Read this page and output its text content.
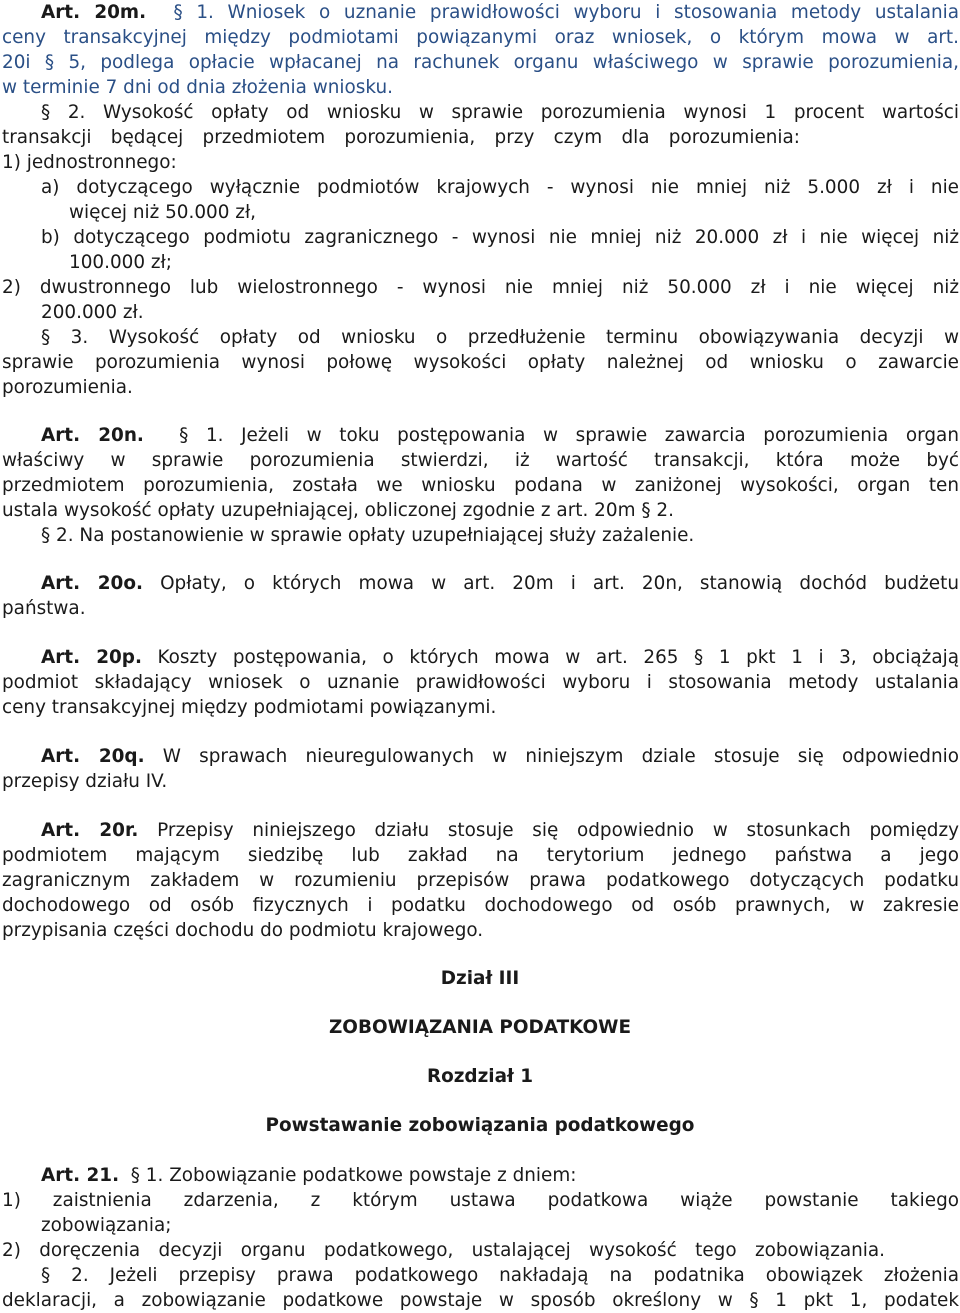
Art. 20m. § 1. Wniosek o uznanie prawidłowości wyboru i stosowania metody ustalania
ceny transakcyjnej między podmiotami powiązanymi oraz wniosek, o którym mowa w art.
20i § 5, podlega opłacie wpłacanej na rachunek organu właściwego w sprawie porozumienia,
w terminie 7 dni od dnia złożenia wniosku.
§ 2. Wysokość opłaty od wniosku w sprawie porozumienia wynosi 1 procent wartości
transakcji będącej przedmiotem porozumienia, przy czym dla porozumienia:
1) jednostronnego:
a) dotyczącego wyłącznie podmiotów krajowych - wynosi nie mniej niż 5.000 zł i nie
więcej niż 50.000 zł,
b) dotyczącego podmiotu zagranicznego - wynosi nie mniej niż 20.000 zł i nie więcej niż
100.000 zł;
2) dwustronnego lub wielostronnego - wynosi nie mniej niż 50.000 zł i nie więcej niż
200.000 zł.
§ 3. Wysokość opłaty od wniosku o przedłużenie terminu obowiązywania decyzji w
sprawie porozumienia wynosi połowę wysokości opłaty należnej od wniosku o zawarcie
porozumienia.
Art. 20n. § 1. Jeżeli w toku postępowania w sprawie zawarcia porozumienia organ
właściwy w sprawie porozumienia stwierdzi, iż wartość transakcji, która może być
przedmiotem porozumienia, została we wniosku podana w zaniżonej wysokości, organ ten
ustala wysokość opłaty uzupełniającej, obliczonej zgodnie z art. 20m § 2.
§ 2. Na postanowienie w sprawie opłaty uzupełniającej służy zażalenie.
Art. 20o. Opłaty, o których mowa w art. 20m i art. 20n, stanowią dochód budżetu
państwa.
Art. 20p. Koszty postępowania, o których mowa w art. 265 § 1 pkt 1 i 3, obciążają
podmiot składający wniosek o uznanie prawidłowości wyboru i stosowania metody ustalania
ceny transakcyjnej między podmiotami powiązanymi.
Art. 20q. W sprawach nieuregulowanych w niniejszym dziale stosuje się odpowiednio
przepisy działu IV.
Art. 20r. Przepisy niniejszego działu stosuje się odpowiednio w stosunkach pomiędzy
podmiotem mającym siedzibę lub zakład na terytorium jednego państwa a jego
zagranicznym zakładem w rozumieniu przepisów prawa podatkowego dotyczących podatku
dochodowego od osób fizycznych i podatku dochodowego od osób prawnych, w zakresie
przypisania części dochodu do podmiotu krajowego.
Dział III
ZOBOWIĄZANIA PODATKOWE
Rozdział 1
Powstawanie zobowiązania podatkowego
Art. 21. § 1. Zobowiązanie podatkowe powstaje z dniem:
1) zaistnienia zdarzenia, z którym ustawa podatkowa wiąże powstanie takiego
zobowiązania;
2) doręczenia decyzji organu podatkowego, ustalającej wysokość tego zobowiązania.
§ 2. Jeżeli przepisy prawa podatkowego nakładają na podatnika obowiązek złożenia
deklaracji, a zobowiązanie podatkowe powstaje w sposób określony w § 1 pkt 1, podatek
